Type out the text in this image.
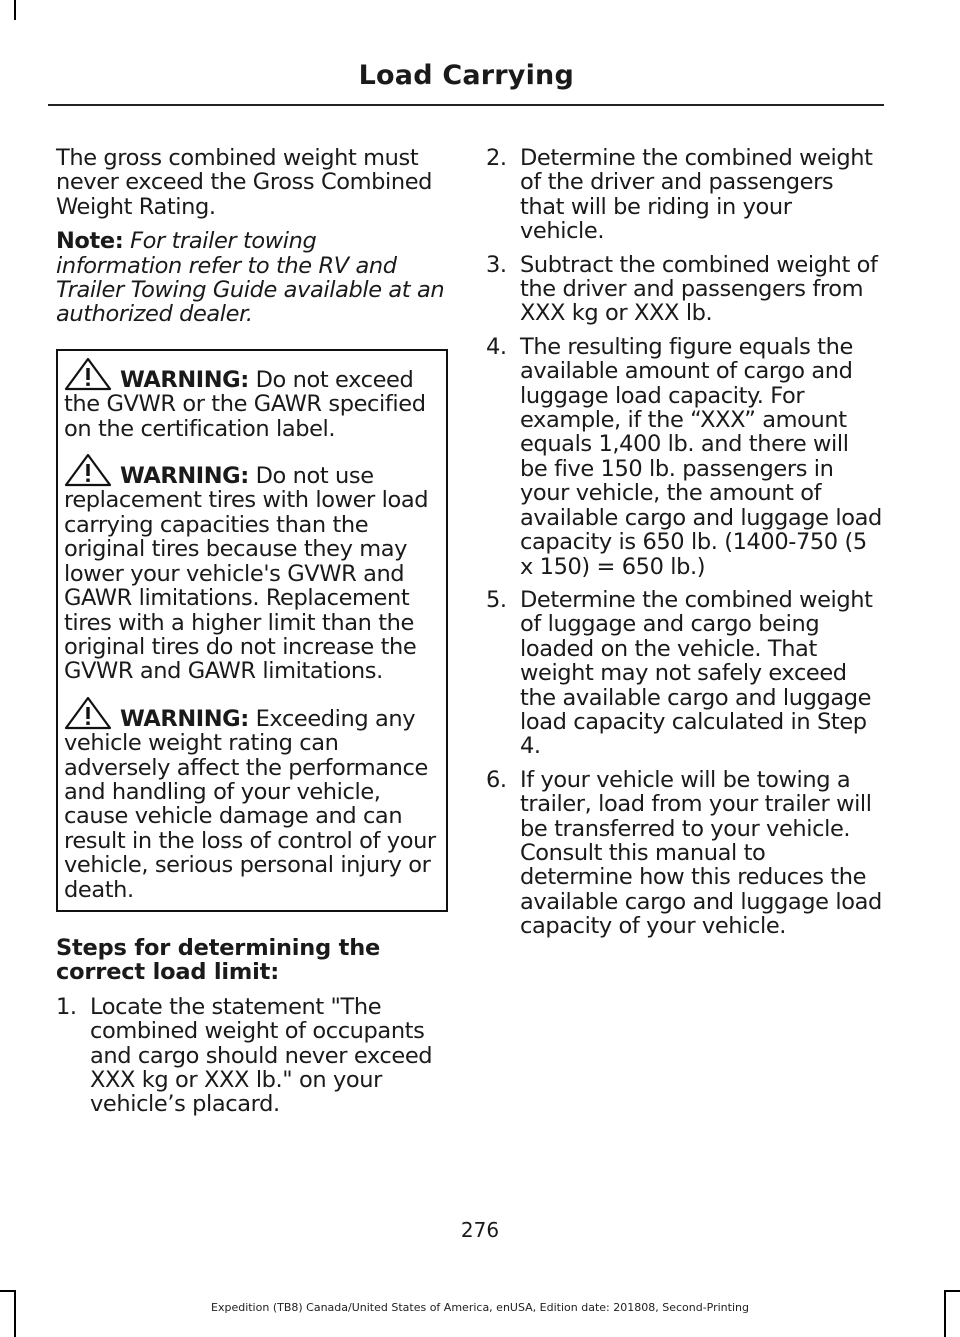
Load Carrying

The gross combined weight must never exceed the Gross Combined Weight Rating.

Note: For trailer towing information refer to the RV and Trailer Towing Guide available at an authorized dealer.

WARNING: Do not exceed the GVWR or the GAWR specified on the certification label.

WARNING: Do not use replacement tires with lower load carrying capacities than the original tires because they may lower your vehicle's GVWR and GAWR limitations. Replacement tires with a higher limit than the original tires do not increase the GVWR and GAWR limitations.

WARNING: Exceeding any vehicle weight rating can adversely affect the performance and handling of your vehicle, cause vehicle damage and can result in the loss of control of your vehicle, serious personal injury or death.

Steps for determining the correct load limit:
1. Locate the statement "The combined weight of occupants and cargo should never exceed XXX kg or XXX lb." on your vehicle’s placard.
2. Determine the combined weight of the driver and passengers that will be riding in your vehicle.
3. Subtract the combined weight of the driver and passengers from XXX kg or XXX lb.
4. The resulting figure equals the available amount of cargo and luggage load capacity. For example, if the “XXX” amount equals 1,400 lb. and there will be five 150 lb. passengers in your vehicle, the amount of available cargo and luggage load capacity is 650 lb. (1400-750 (5 x 150) = 650 lb.)
5. Determine the combined weight of luggage and cargo being loaded on the vehicle. That weight may not safely exceed the available cargo and luggage load capacity calculated in Step 4.
6. If your vehicle will be towing a trailer, load from your trailer will be transferred to your vehicle. Consult this manual to determine how this reduces the available cargo and luggage load capacity of your vehicle.
276
Expedition (TB8) Canada/United States of America, enUSA, Edition date: 201808, Second-Printing
